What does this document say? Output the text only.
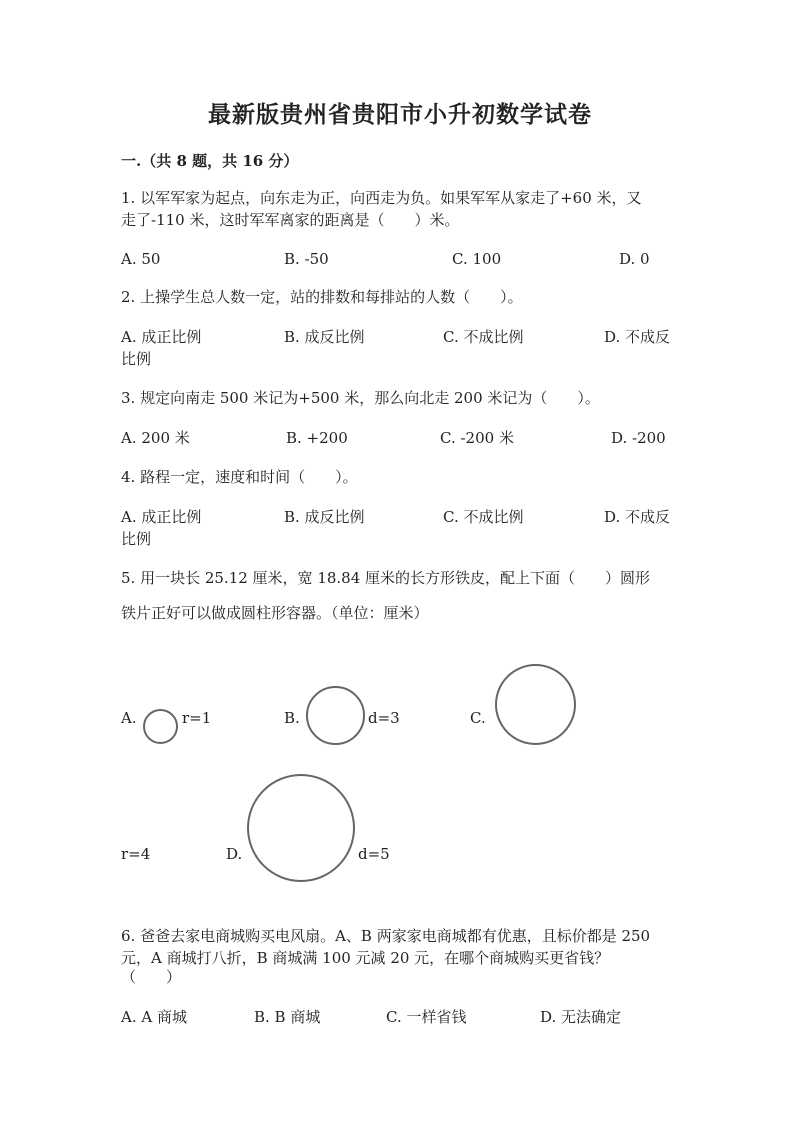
最新版贵州省贵阳市小升初数学试卷
一.（共 8 题，共 16 分）
1. 以军军家为起点，向东走为正，向西走为负。如果军军从家走了+60 米，又
走了-110 米，这时军军离家的距离是（　　）米。
A. 50	B. -50	C. 100	D. 0
2. 上操学生总人数一定，站的排数和每排站的人数（　　）。
A. 成正比例	B. 成反比例	C. 不成比例	D. 不成反
比例
3. 规定向南走 500 米记为+500 米，那么向北走 200 米记为（　　）。
A. 200 米	B. +200	C. -200 米	D. -200
4. 路程一定，速度和时间（　　）。
A. 成正比例	B. 成反比例	C. 不成比例	D. 不成反
比例
5. 用一块长 25.12 厘米，宽 18.84 厘米的长方形铁皮，配上下面（　　）圆形
铁片正好可以做成圆柱形容器。（单位：厘米）
A.	r=1	B.	d=3	C.
r=4	D.	d=5
6. 爸爸去家电商城购买电风扇。A、B 两家家电商城都有优惠，且标价都是 250
元，A 商城打八折，B 商城满 100 元减 20 元，在哪个商城购买更省钱？
（　　）
A. A 商城	B. B 商城	C. 一样省钱	D. 无法确定
